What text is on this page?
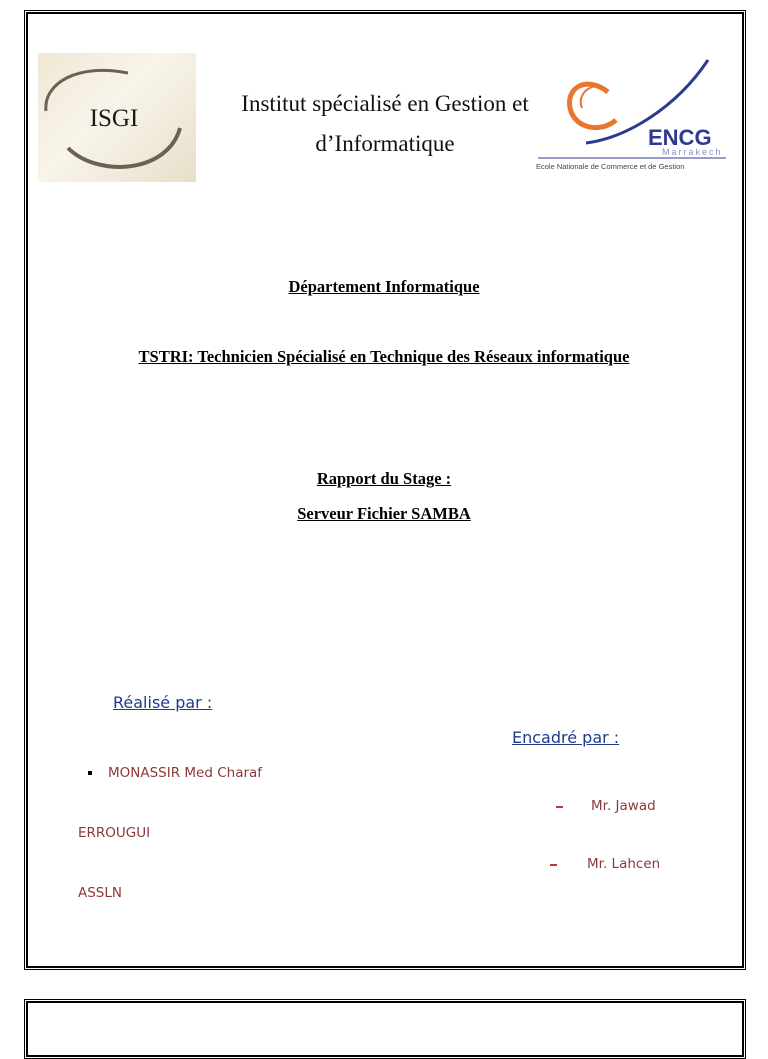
ISGI
Institut spécialisé en Gestion et
d’Informatique	ENCG
Marrakech
Ecole Nationale de Commerce et de Gestion
Département Informatique
TSTRI: Technicien Spécialisé en Technique des Réseaux informatique
Rapport du Stage :
Serveur Fichier SAMBA
Réalisé par :
MONASSIR Med Charaf
ERROUGUI
ASSLN
Encadré par :
Mr. Jawad
Mr. Lahcen
